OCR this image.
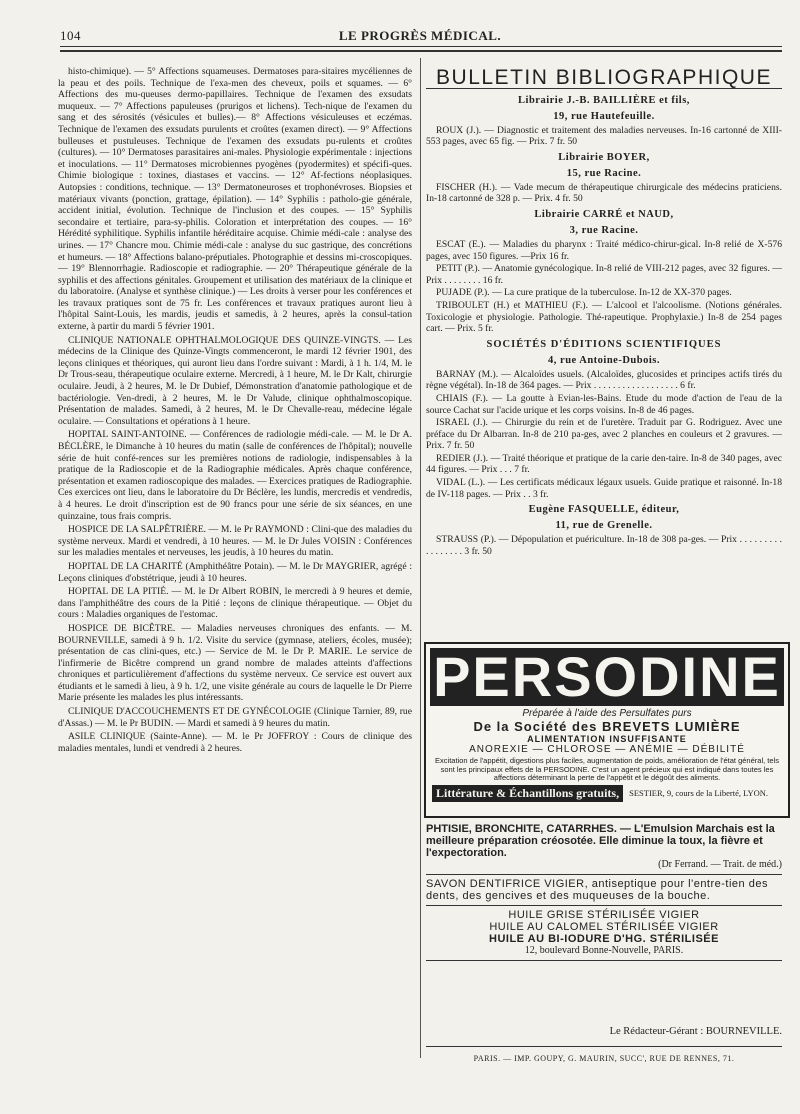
104	LE PROGRÈS MÉDICAL.

histo-chimique). — 5° Affections squameuses. Dermatoses para-sitaires mycéliennes de la peau et des poils. Technique de l'exa-men des cheveux, poils et squames. — 6° Affections des mu-queuses dermo-papillaires. Technique de l'examen des exsudats muqueux. — 7° Affections papuleuses (prurigos et lichens). Tech-nique de l'examen du sang et des sérosités (vésicules et bulles).— 8° Affections vésiculeuses et eczémas. Technique de l'examen des exsudats purulents et croûtes (examen direct). — 9° Affections bulleuses et pustuleuses. Technique de l'examen des exsudats pu-rulents et croûtes (cultures). — 10° Dermatoses parasitaires ani-males. Physiologie expérimentale : injections et inoculations. — 11° Dermatoses microbiennes pyogènes (pyodermites) et spécifi-ques. Chimie biologique : toxines, diastases et vaccins. — 12° Af-fections néoplasiques. Autopsies : conditions, technique. — 13° Dermatoneuroses et trophonévroses. Biopsies et matériaux vivants (ponction, grattage, épilation). — 14° Syphilis : patholo-gie générale, accident initial, évolution. Technique de l'inclusion et des coupes. — 15° Syphilis secondaire et tertiaire, para-sy-philis. Coloration et interprétation des coupes. — 16° Hérédité syphilitique. Syphilis infantile héréditaire acquise. Chimie médi-cale : analyse des urines. — 17° Chancre mou. Chimie médi-cale : analyse du suc gastrique, des concrétions et humeurs. — 18° Affections balano-préputiales. Photographie et dessins mi-croscopiques. — 19° Blennorrhagie. Radioscopie et radiographie. — 20° Thérapeutique générale de la syphilis et des affections génitales. Groupement et utilisation des matériaux de la clinique et du laboratoire. (Analyse et synthèse clinique.) — Les droits à verser pour les conférences et les travaux pratiques sont de 75 fr. Les conférences et travaux pratiques auront lieu à l'hôpital Saint-Louis, les mardis, jeudis et samedis, à 2 heures, après la consul-tation externe, à partir du mardi 5 février 1901.

CLINIQUE NATIONALE OPHTHALMOLOGIQUE DES QUINZE-VINGTS. — Les médecins de la Clinique des Quinze-Vingts commenceront, le mardi 12 février 1901, des leçons cliniques et théoriques, qui auront lieu dans l'ordre suivant : Mardi, à 1 h. 1/4, M. le Dr Trous-seau, thérapeutique oculaire externe. Mercredi, à 1 heure, M. le Dr Kalt, chirurgie oculaire. Jeudi, à 2 heures, M. le Dr Dubief, Démonstration d'anatomie pathologique et de bactériologie. Ven-dredi, à 2 heures, M. le Dr Valude, clinique ophthalmoscopique. Présentation de malades. Samedi, à 2 heures, M. le Dr Chevalle-reau, médecine légale oculaire. — Consultations et opérations à 1 heure.

HOPITAL SAINT-ANTOINE. — Conférences de radiologie médi-cale. — M. le Dr A. BÉCLÈRE, le Dimanche à 10 heures du matin (salle de conférences de l'hôpital); nouvelle série de huit confé-rences sur les premières notions de radiologie, indispensables à la pratique de la Radioscopie et de la Radiographie médicales. Après chaque conférence, présentation et examen radioscopique des malades. — Exercices pratiques de Radiographie. Ces exercices ont lieu, dans le laboratoire du Dr Béclère, les lundis, mercredis et vendredis, à 4 heures. Le droit d'inscription est de 90 francs pour une série de six séances, en une quinzaine, tous frais compris.

HOSPICE DE LA SALPÊTRIÈRE. — M. le Pr RAYMOND : Clini-que des maladies du système nerveux. Mardi et vendredi, à 10 heures. — M. le Dr Jules VOISIN : Conférences sur les maladies mentales et nerveuses, les jeudis, à 10 heures du matin.

HOPITAL DE LA CHARITÉ (Amphithéâtre Potain). — M. le Dr MAYGRIER, agrégé : Leçons cliniques d'obstétrique, jeudi à 10 heures.

HOPITAL DE LA PITIÉ. — M. le Dr Albert ROBIN, le mercredi à 9 heures et demie, dans l'amphithéâtre des cours de la Pitié : leçons de clinique thérapeutique. — Objet du cours : Maladies organiques de l'estomac.

HOSPICE DE BICÊTRE. — Maladies nerveuses chroniques des enfants. — M. BOURNEVILLE, samedi à 9 h. 1/2. Visite du service (gymnase, ateliers, écoles, musée); présentation de cas clini-ques, etc.) — Service de M. le Dr P. MARIE. Le service de l'infirmerie de Bicêtre comprend un grand nombre de malades atteints d'affections chroniques et particulièrement d'affections du système nerveux. Ce service est ouvert aux étudiants et le samedi à lieu, à 9 h. 1/2, une visite générale au cours de laquelle le Dr Pierre Marie présente les malades les plus intéressants.

CLINIQUE D'ACCOUCHEMENTS ET DE GYNÉCOLOGIE (Clinique Tarnier, 89, rue d'Assas.) — M. le Pr BUDIN. — Mardi et samedi à 9 heures du matin.

ASILE CLINIQUE (Sainte-Anne). — M. le Pr JOFFROY : Cours de clinique des maladies mentales, lundi et vendredi à 2 heures.

BULLETIN BIBLIOGRAPHIQUE
Librairie J.-B. BAILLIÈRE et fils,
19, rue Hautefeuille.

ROUX (J.). — Diagnostic et traitement des maladies nerveuses. In-16 cartonné de XIII-553 pages, avec 65 fig. — Prix. 7 fr. 50

Librairie BOYER,
15, rue Racine.

FISCHER (H.). — Vade mecum de thérapeutique chirurgicale des médecins praticiens. In-18 cartonné de 328 p. — Prix. 4 fr. 50

Librairie CARRÉ et NAUD,
3, rue Racine.

ESCAT (E.). — Maladies du pharynx : Traité médico-chirur-gical. In-8 relié de X-576 pages, avec 150 figures. —Prix 16 fr.

PETIT (P.). — Anatomie gynécologique. In-8 relié de VIII-212 pages, avec 32 figures. — Prix . . . . . . . . 16 fr.

PUJADE (P.). — La cure pratique de la tuberculose. In-12 de XX-370 pages.

TRIBOULET (H.) et MATHIEU (F.). — L'alcool et l'alcoolisme. (Notions générales. Toxicologie et physiologie. Pathologie. Thé-rapeutique. Prophylaxie.) In-8 de 254 pages cart. — Prix. 5 fr.

SOCIÉTÉS D'ÉDITIONS SCIENTIFIQUES
4, rue Antoine-Dubois.

BARNAY (M.). — Alcaloïdes usuels. (Alcaloïdes, glucosides et principes actifs tirés du règne végétal). In-18 de 364 pages. — Prix . . . . . . . . . . . . . . . . . . 6 fr.

CHIAIS (F.). — La goutte à Evian-les-Bains. Etude du mode d'action de l'eau de la source Cachat sur l'acide urique et les corps voisins. In-8 de 46 pages.

ISRAEL (J.). — Chirurgie du rein et de l'uretère. Traduit par G. Rodriguez. Avec une préface du Dr Albarran. In-8 de 210 pa-ges, avec 2 planches en couleurs et 2 gravures. — Prix. 7 fr. 50

REDIER (J.). — Traité théorique et pratique de la carie den-taire. In-8 de 340 pages, avec 44 figures. — Prix . . . 7 fr.

VIDAL (L.). — Les certificats médicaux légaux usuels. Guide pratique et raisonné. In-18 de IV-118 pages. — Prix . . 3 fr.

Eugène FASQUELLE, éditeur,
11, rue de Grenelle.

STRAUSS (P.). — Dépopulation et puériculture. In-18 de 308 pa-ges. — Prix . . . . . . . . . . . . . . . . . 3 fr. 50

PERSODINE
Préparée à l'aide des Persulfates purs
De la Société des BREVETS LUMIÈRE
ALIMENTATION INSUFFISANTE
ANOREXIE — CHLOROSE — ANÉMIE — DÉBILITÉ
Excitation de l'appétit, digestions plus faciles, augmentation de poids, amélioration de l'état général, tels sont les principaux effets de la PERSODINE. C'est un agent précieux qui est indiqué dans toutes les affections déterminant la perte de l'appétit et le dégoût des aliments.
Littérature & Échantillons gratuits,	SESTIER, 9, cours de la Liberté, LYON.
PHTISIE, BRONCHITE, CATARRHES. — L'Emulsion Marchais est la meilleure préparation créosotée. Elle diminue la toux, la fièvre et l'expectoration.
(Dr Ferrand. — Trait. de méd.)
SAVON DENTIFRICE VIGIER, antiseptique pour l'entre-tien des dents, des gencives et des muqueuses de la bouche.
HUILE GRISE STÉRILISÉE VIGIER
HUILE AU CALOMEL STÉRILISÉE VIGIER
HUILE AU BI-IODURE D'HG. STÉRILISÉE
12, boulevard Bonne-Nouvelle, PARIS.
Le Rédacteur-Gérant : BOURNEVILLE.
PARIS. — IMP. GOUPY, G. MAURIN, SUCC', RUE DE RENNES, 71.
